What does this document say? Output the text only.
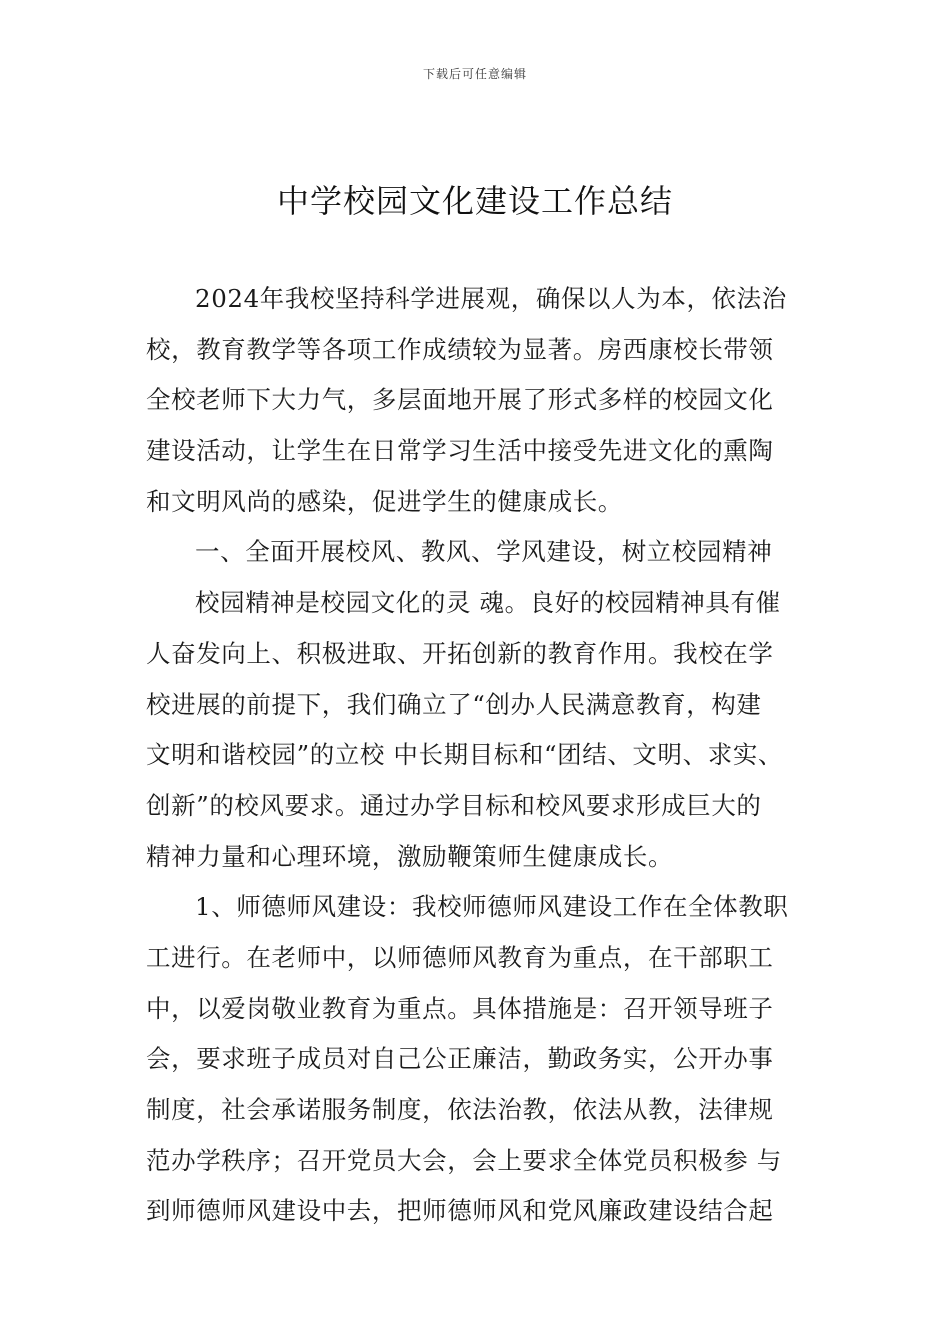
下载后可任意编辑
中学校园文化建设工作总结
2024年我校坚持科学进展观，确保以人为本，依法治
校，教育教学等各项工作成绩较为显著。房西康校长带领
全校老师下大力气，多层面地开展了形式多样的校园文化
建设活动，让学生在日常学习生活中接受先进文化的熏陶
和文明风尚的感染，促进学生的健康成长。
一、全面开展校风、教风、学风建设，树立校园精神
校园精神是校园文化的灵 魂。良好的校园精神具有催
人奋发向上、积极进取、开拓创新的教育作用。我校在学
校进展的前提下，我们确立了“创办人民满意教育，构建
文明和谐校园”的立校 中长期目标和“团结、文明、求实、
创新”的校风要求。通过办学目标和校风要求形成巨大的
精神力量和心理环境，激励鞭策师生健康成长。
1、师德师风建设：我校师德师风建设工作在全体教职
工进行。在老师中，以师德师风教育为重点，在干部职工
中，以爱岗敬业教育为重点。具体措施是：召开领导班子
会，要求班子成员对自己公正廉洁，勤政务实，公开办事
制度，社会承诺服务制度，依法治教，依法从教，法律规
范办学秩序；召开党员大会，会上要求全体党员积极参 与
到师德师风建设中去，把师德师风和党风廉政建设结合起
